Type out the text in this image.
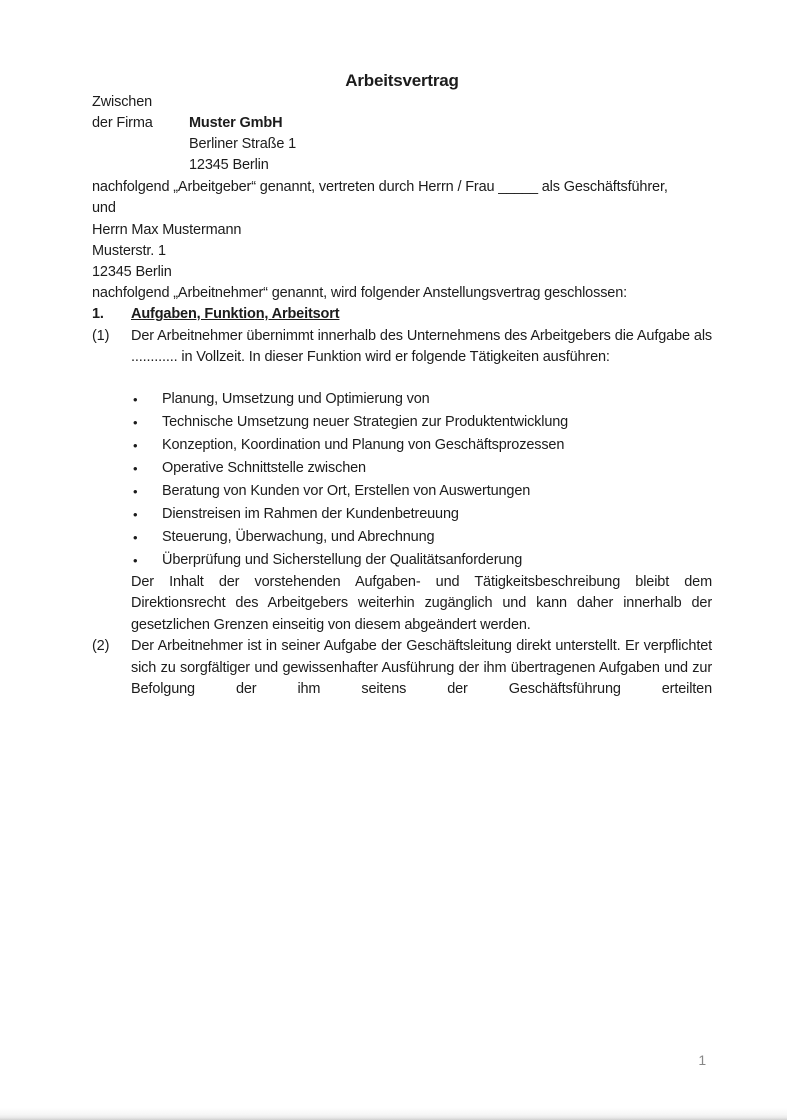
Arbeitsvertrag

Zwischen

der Firma	Muster GmbH
Berliner Straße 1
12345 Berlin

nachfolgend „Arbeitgeber“ genannt, vertreten durch Herrn / Frau _____ als Geschäftsführer,

und

Herrn Max Mustermann
Musterstr. 1
12345 Berlin

nachfolgend „Arbeitnehmer“ genannt, wird folgender Anstellungsvertrag geschlossen:

1.	Aufgaben, Funktion, Arbeitsort
(1)	Der Arbeitnehmer übernimmt innerhalb des Unternehmens des Arbeitgebers die Aufgabe als ............ in Vollzeit. In dieser Funktion wird er folgende Tätigkeiten ausführen:

•	Planung, Umsetzung und Optimierung von
•	Technische Umsetzung neuer Strategien zur Produktentwicklung
•	Konzeption, Koordination und Planung von Geschäftsprozessen
•	Operative Schnittstelle zwischen
•	Beratung von Kunden vor Ort, Erstellen von Auswertungen
•	Dienstreisen im Rahmen der Kundenbetreuung
•	Steuerung, Überwachung, und Abrechnung
•	Überprüfung und Sicherstellung der Qualitätsanforderung

Der Inhalt der vorstehenden Aufgaben- und Tätigkeitsbeschreibung bleibt dem Direktionsrecht des Arbeitgebers weiterhin zugänglich und kann daher innerhalb der gesetzlichen Grenzen einseitig von diesem abgeändert werden.

(2)	Der Arbeitnehmer ist in seiner Aufgabe der Geschäftsleitung direkt unterstellt. Er verpflichtet sich zu sorgfältiger und gewissenhafter Ausführung der ihm übertragenen Aufgaben und zur Befolgung der ihm seitens der Geschäftsführung erteilten

1
